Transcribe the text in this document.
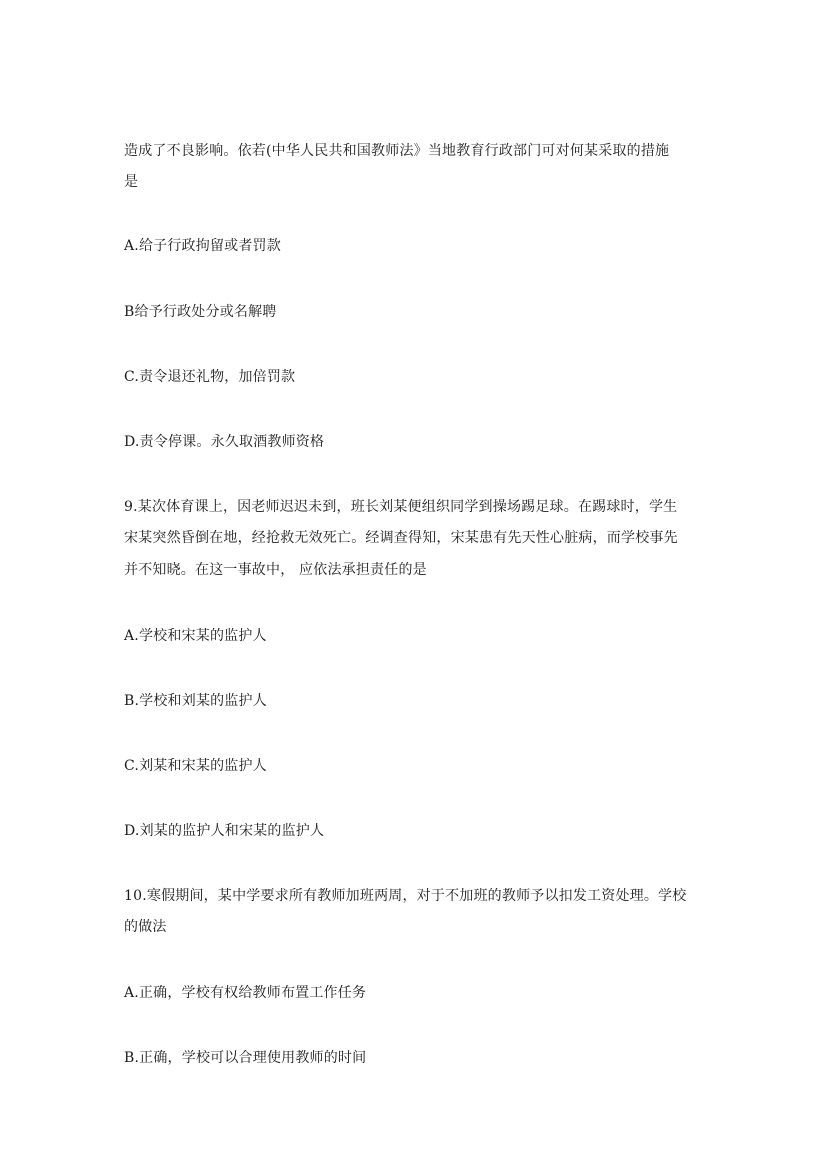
造成了不良影响。依若(中华人民共和国教师法》当地教育行政部门可对何某采取的措施
是
A.给子行政拘留或者罚款
B给予行政处分或名解聘
C.责令退还礼物，加倍罚款
D.责令停课。永久取酒教师资格
9.某次体育课上，因老师迟迟未到，班长刘某便组织同学到操场踢足球。在踢球时，学生
宋某突然昏倒在地，经抢救无效死亡。经调查得知，宋某患有先天性心脏病，而学校事先
并不知晓。在这一事故中， 应依法承担责任的是
A.学校和宋某的监护人
B.学校和刘某的监护人
C.刘某和宋某的监护人
D.刘某的监护人和宋某的监护人
10.寒假期间，某中学要求所有教师加班两周，对于不加班的教师予以扣发工资处理。学校
的做法
A.正确，学校有权给教师布置工作任务
B.正确，学校可以合理使用教师的时间
